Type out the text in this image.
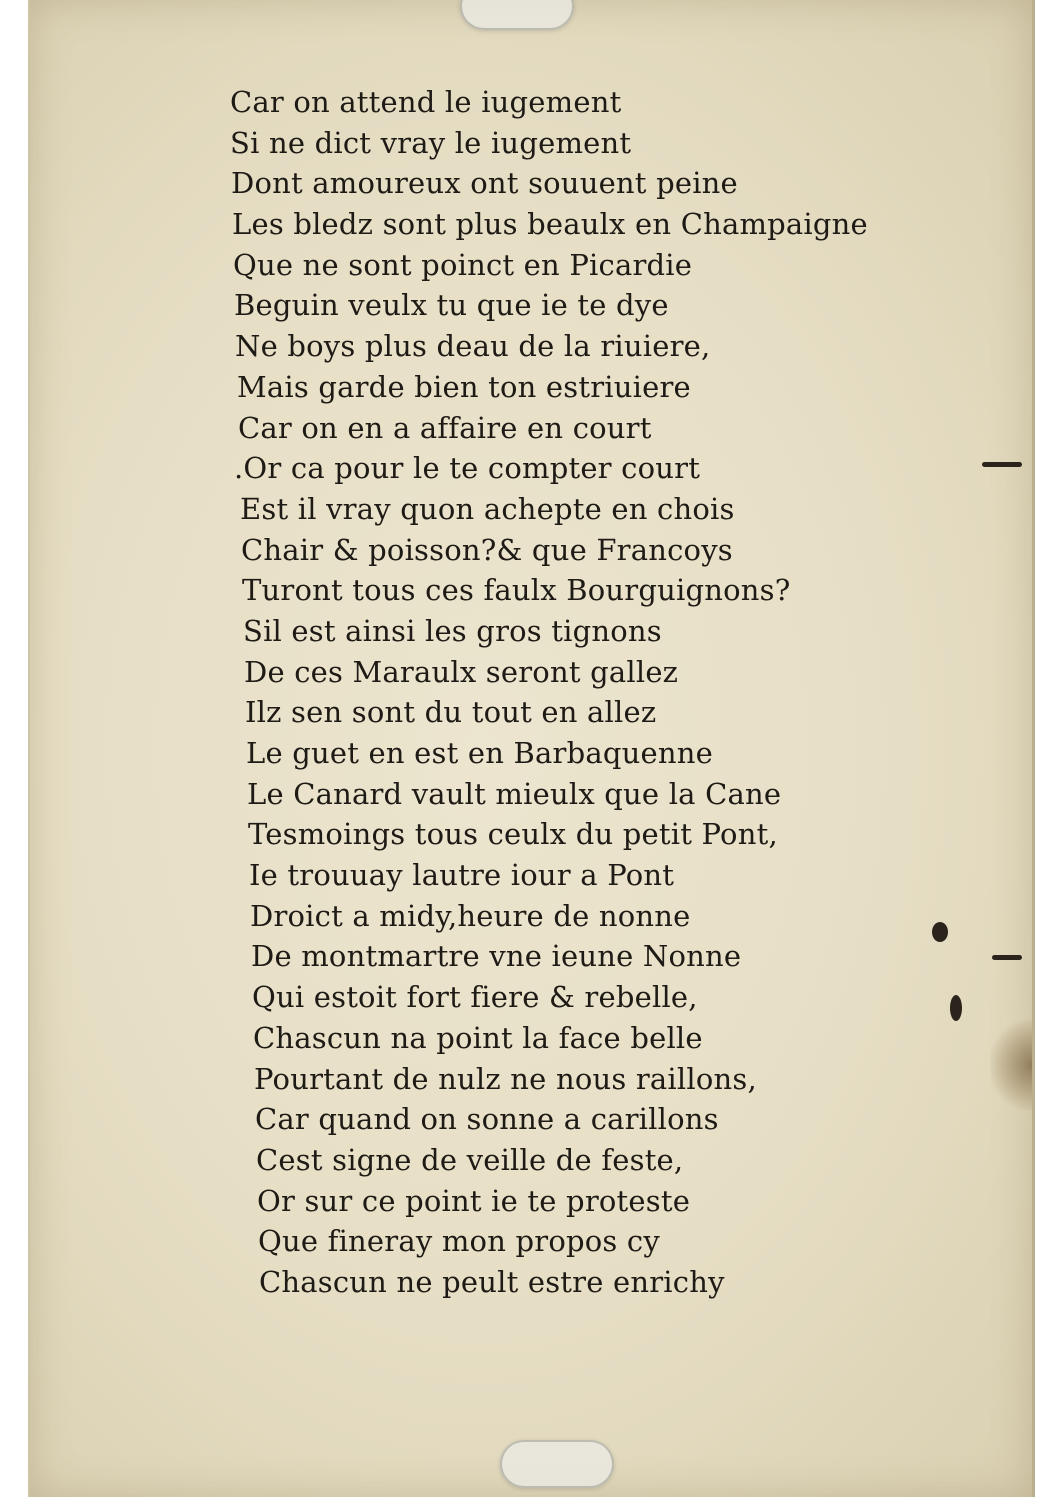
Car on attend le iugement
Si ne dict vray le iugement
Dont amoureux ont souuent peine
Les bledz sont plus beaulx en Champaigne
Que ne sont poinct en Picardie
Beguin veulx tu que ie te dye
Ne boys plus deau de la riuiere,
Mais garde bien ton estriuiere
Car on en a affaire en court
.Or ca pour le te compter court
Est il vray quon achepte en chois
Chair & poisson?& que Francoys
Turont tous ces faulx Bourguignons?
Sil est ainsi les gros tignons
De ces Maraulx seront gallez
Ilz sen sont du tout en allez
Le guet en est en Barbaquenne
Le Canard vault mieulx que la Cane
Tesmoings tous ceulx du petit Pont,
Ie trouuay lautre iour a Pont
Droict a midy,heure de nonne
De montmartre vne ieune Nonne
Qui estoit fort fiere & rebelle,
Chascun na point la face belle
Pourtant de nulz ne nous raillons,
Car quand on sonne a carillons
Cest signe de veille de feste,
Or sur ce point ie te proteste
Que fineray mon propos cy
Chascun ne peult estre enrichy
